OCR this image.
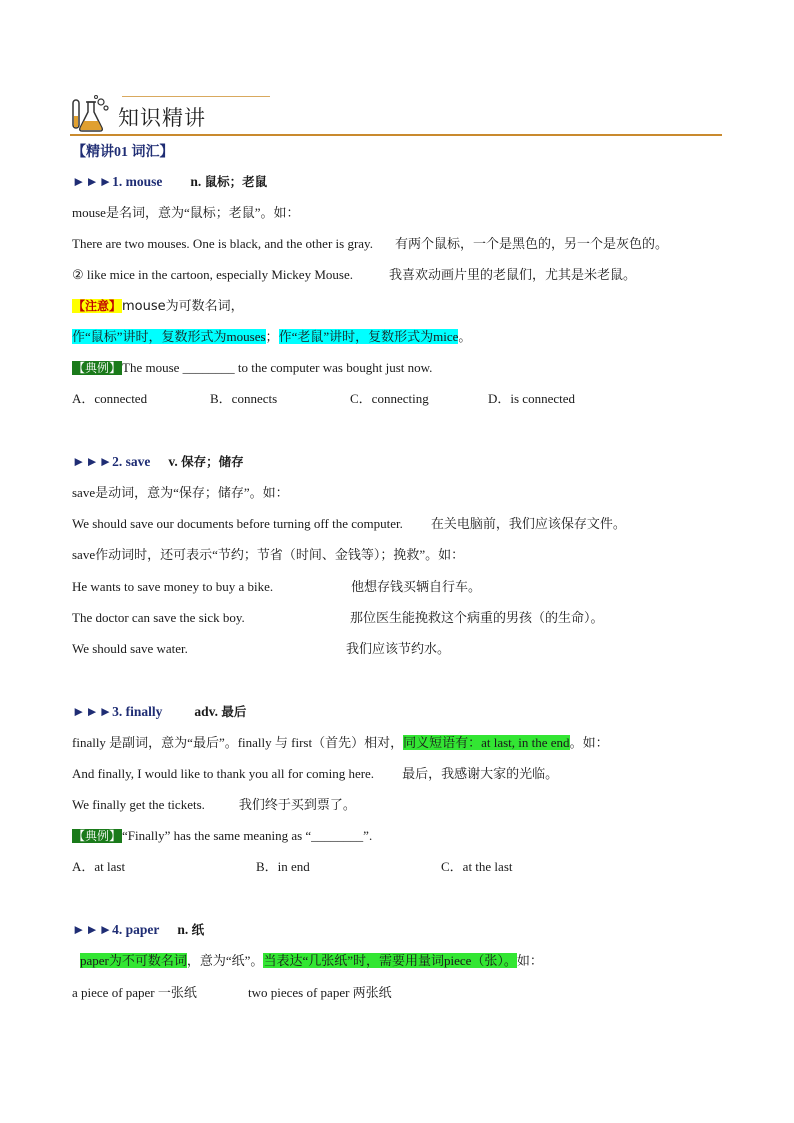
知识精讲
【精讲01 词汇】
►►►1. mouse n. 鼠标；老鼠
mouse是名词，意为“鼠标；老鼠”。如：
There are two mouses. One is black, and the other is gray. 有两个鼠标，一个是黑色的，另一个是灰色的。
② like mice in the cartoon, especially Mickey Mouse.	我喜欢动画片里的老鼠们，尤其是米老鼠。
【注意】mouse为可数名词，
作“鼠标”讲时，复数形式为mouses；作“老鼠”讲时，复数形式为mice。
【典例】The mouse ________ to the computer was bought just now.
A．connected	B．connects	C．connecting	D．is connected
►►►2. save v. 保存；储存
save是动词，意为“保存；储存”。如：
We should save our documents before turning off the computer. 在关电脑前，我们应该保存文件。
save作动词时，还可表示“节约；节省（时间、金钱等）；挽救”。如：
He wants to save money to buy a bike.	他想存钱买辆自行车。
The doctor can save the sick boy.	那位医生能挽救这个病重的男孩（的生命）。
We should save water.	我们应该节约水。
►►►3. finally adv. 最后
finally 是副词，意为“最后”。finally 与 first（首先）相对，同义短语有：at last, in the end。如：
And finally, I would like to thank you all for coming here. 最后，我感谢大家的光临。
We finally get the tickets.	我们终于买到票了。
【典例】“Finally” has the same meaning as “________”.
A．at last	B．in end	C．at the last
►►►4. paper n. 纸
paper为不可数名词，意为“纸”。当表达“几张纸”时，需要用量词piece（张）。如：
a piece of paper 一张纸	two pieces of paper 两张纸
